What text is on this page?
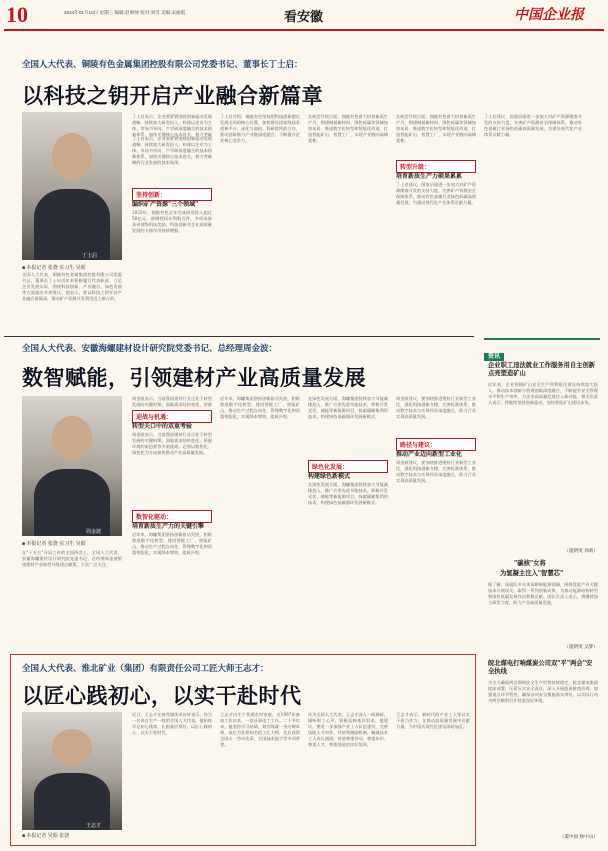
10	2024年01月10日 星期三 编辑:赵帅帅 校对:刘雪 美编:宋丽霞	看安徽	中国企业报
全国人大代表、铜陵有色金属集团控股有限公司党委书记、董事长丁士启：
以科技之钥开启产业融合新篇章
丁士启
■ 本报记者 张骁 实习生 吴昭
全国人大代表、铜陵有色金属集团控股有限公司党委书记、董事长丁士启近年来积极履行代表职责，立足企业发展实际，围绕科技创新、产业融合、绿色发展等方面提出多项建议。他表示，要以科技之钥开启产业融合新篇章，推动矿产资源开发利用迈上新台阶。
丁士启表示，企业要紧紧围绕创新驱动发展战略，持续加大研发投入，构建以企业为主体、市场为导向、产学研深度融合的技术创新体系，加快关键核心技术攻关，着力突破
丁士启表示，企业要紧紧围绕创新驱动发展战略，持续加大研发投入，构建以企业为主体、市场为导向、产学研深度融合的技术创新体系，加快关键核心技术攻关，着力突破制约行业发展的技术瓶颈。
坚持创新：
编织矿产资源"三个领域"
2023年，铜陵有色全年完成研发投入超过50亿元，新增授权专利数百件，多项成果获省部级科技奖励，科技创新对企业高质量发展的支撑作用持续增强。
丁士启介绍，铜陵有色坚持把科技创新摆在发展全局的核心位置，加快建设国家级技术创新平台，深化与高校、科研院所的合作，推动创新链与产业链深度融合，不断提升企业核心竞争力。
在转型升级方面，铜陵有色着力培育新质生产力，围绕铜基新材料、绿色低碳等领域加快布局，推进数字化转型和智能化改造，打造智能矿山、智慧工厂，实现产业链向高端延伸。
在转型升级方面，铜陵有色着力培育新质生产力，围绕铜基新材料、绿色低碳等领域加快布局，推进数字化转型和智能化改造，打造智能矿山、智慧工厂，实现产业链向高端延伸。
转型升级：
培育新质生产力硕果累累
丁士启建议，国家层面进一步加大对矿产资源勘查开发的支持力度，完善矿产资源安全保障体系，推动有色金属行业绿色低碳高质量发展，为建设现代化产业体系贡献力量。
丁士启建议，国家层面进一步加大对矿产资源勘查开发的支持力度，完善矿产资源安全保障体系，推动有色金属行业绿色低碳高质量发展，为建设现代化产业体系贡献力量。
全国人大代表、安徽海螺建材设计研究院党委书记、总经理周金波：
数智赋能，引领建材产业高质量发展
周金波
■ 本报记者 张骁 实习生 吴昭
在"十五五"开局之年的全国两会上，全国人大代表、安徽海螺建材设计研究院党委书记、总经理周金波围绕建材产业转型升级建言献策，引发广泛关注。
周金波表示，当前我国建材行业正处于转型发展的关键时期，面临需求结构变化、资源
迎战与机遇：
转型关口中的双重考验
周金波表示，当前我国建材行业正处于转型发展的关键时期，面临需求结构变化、资源环境约束趋紧等多重挑战，必须以数智化、绿色化为方向加快推动产业高质量发展。
数智化驱动：
培育新质生产力的关键引擎
近年来，海螺集团坚持创新驱动发展，积极推进数字化转型，建设智能工厂、智能矿山，推动生产过程自动化、管理数字化和决策智能化，实现降本增效、提质升级。
近年来，海螺集团坚持创新驱动发展，积极推进数字化转型，建设智能工厂、智能矿山，推动生产过程自动化、管理数字化和决策智能化，实现降本增效、提质升级。
在绿色发展方面，海螺集团持续加大节能减排投入，推广应用先进节能技术，积极开发光伏、储能等新能源项目，探索碳捕集利用技术，构建绿色低碳循环发展新模式。
绿色化发展：
构建绿色新模式
在绿色发展方面，海螺集团持续加大节能减排投入，推广应用先进节能技术，积极开发光伏、储能等新能源项目，探索碳捕集利用技术，构建绿色低碳循环发展新模式。
周金波建议，要加快推进建材行业新型工业化，强化科技创新支撑，完善标准体系，推动数字技术与实体经济深度融合，助力行业实现高质量发展。
路径与建议：
推动产业迈向新型工业化
周金波建议，要加快推进建材行业新型工业化，强化科技创新支撑，完善标准体系，推动数字技术与实体经济深度融合，助力行业实现高质量发展。
全国人大代表、淮北矿业（集团）有限责任公司工匠大师王志才：
以匠心践初心，以实干赴时代
王志才
■ 本报记者 吴昭 张骁
近日，王志才在接受媒体采访时表示，作为一名来自生产一线的全国人大代表，他始终牢记初心使命，扎根基层岗位，以匠心践初心，以实干赴时代。
王志才出生于普通农村家庭，自1997年参加工作以来，一直从事电工工作。二十多年来，他坚持学习钻研，刻苦练就一身过硬本领，成长为业界知名的工匠大师，先后获得全国五一劳动奖章、全国技术能手等多项荣誉。
作为全国人大代表，王志才深入一线调研，倾听职工心声，积极反映基层诉求。他建议，要进一步加强产业工人队伍建设，完善技能人才培养、评价和激励机制，畅通技术工人成长通道，营造尊重劳动、尊重知识、尊重人才、尊重创造的良好氛围。
王志才表示，新时代的产业工人要以实干担当作为，在推动高质量发展中贡献力量，为中国式现代化建设添砖加瓦。
资讯
企业职工违法就业工作服务用自主创新点亮塑造矿山
近年来，企业围绕矿山安全生产和智能化建设持续加大投入，推动技术创新与管理创新深度融合，不断提升安全管理水平和生产效率，为企业高质量发展注入新动能。相关负责人表示，将继续坚持创新驱动，加快智能矿山建设步伐。
（施明雯 徐莉）
"碳核"女将
为氢凝主注入"智慧芯"
据了解，该团队多年来深耕新能源领域，围绕氢能产业关键技术开展攻关，取得一系列创新成果，为推动能源结构转型和绿色低碳发展作出积极贡献。团队负责人表示，将继续加大研发力度，助力产业高质量发展。
（施明雯 吴梦）
皖北煤电打响煤炭公司双"平"两会"安全执线
为全力确保两会期间安全生产形势持续稳定，皖北煤电集团提前部署，压紧压实安全责任，深入开展隐患排查治理，加强重点环节管控，确保各项安全措施落实到位，以实际行动为两会顺利召开营造良好环境。
（董中国 杨中山）
